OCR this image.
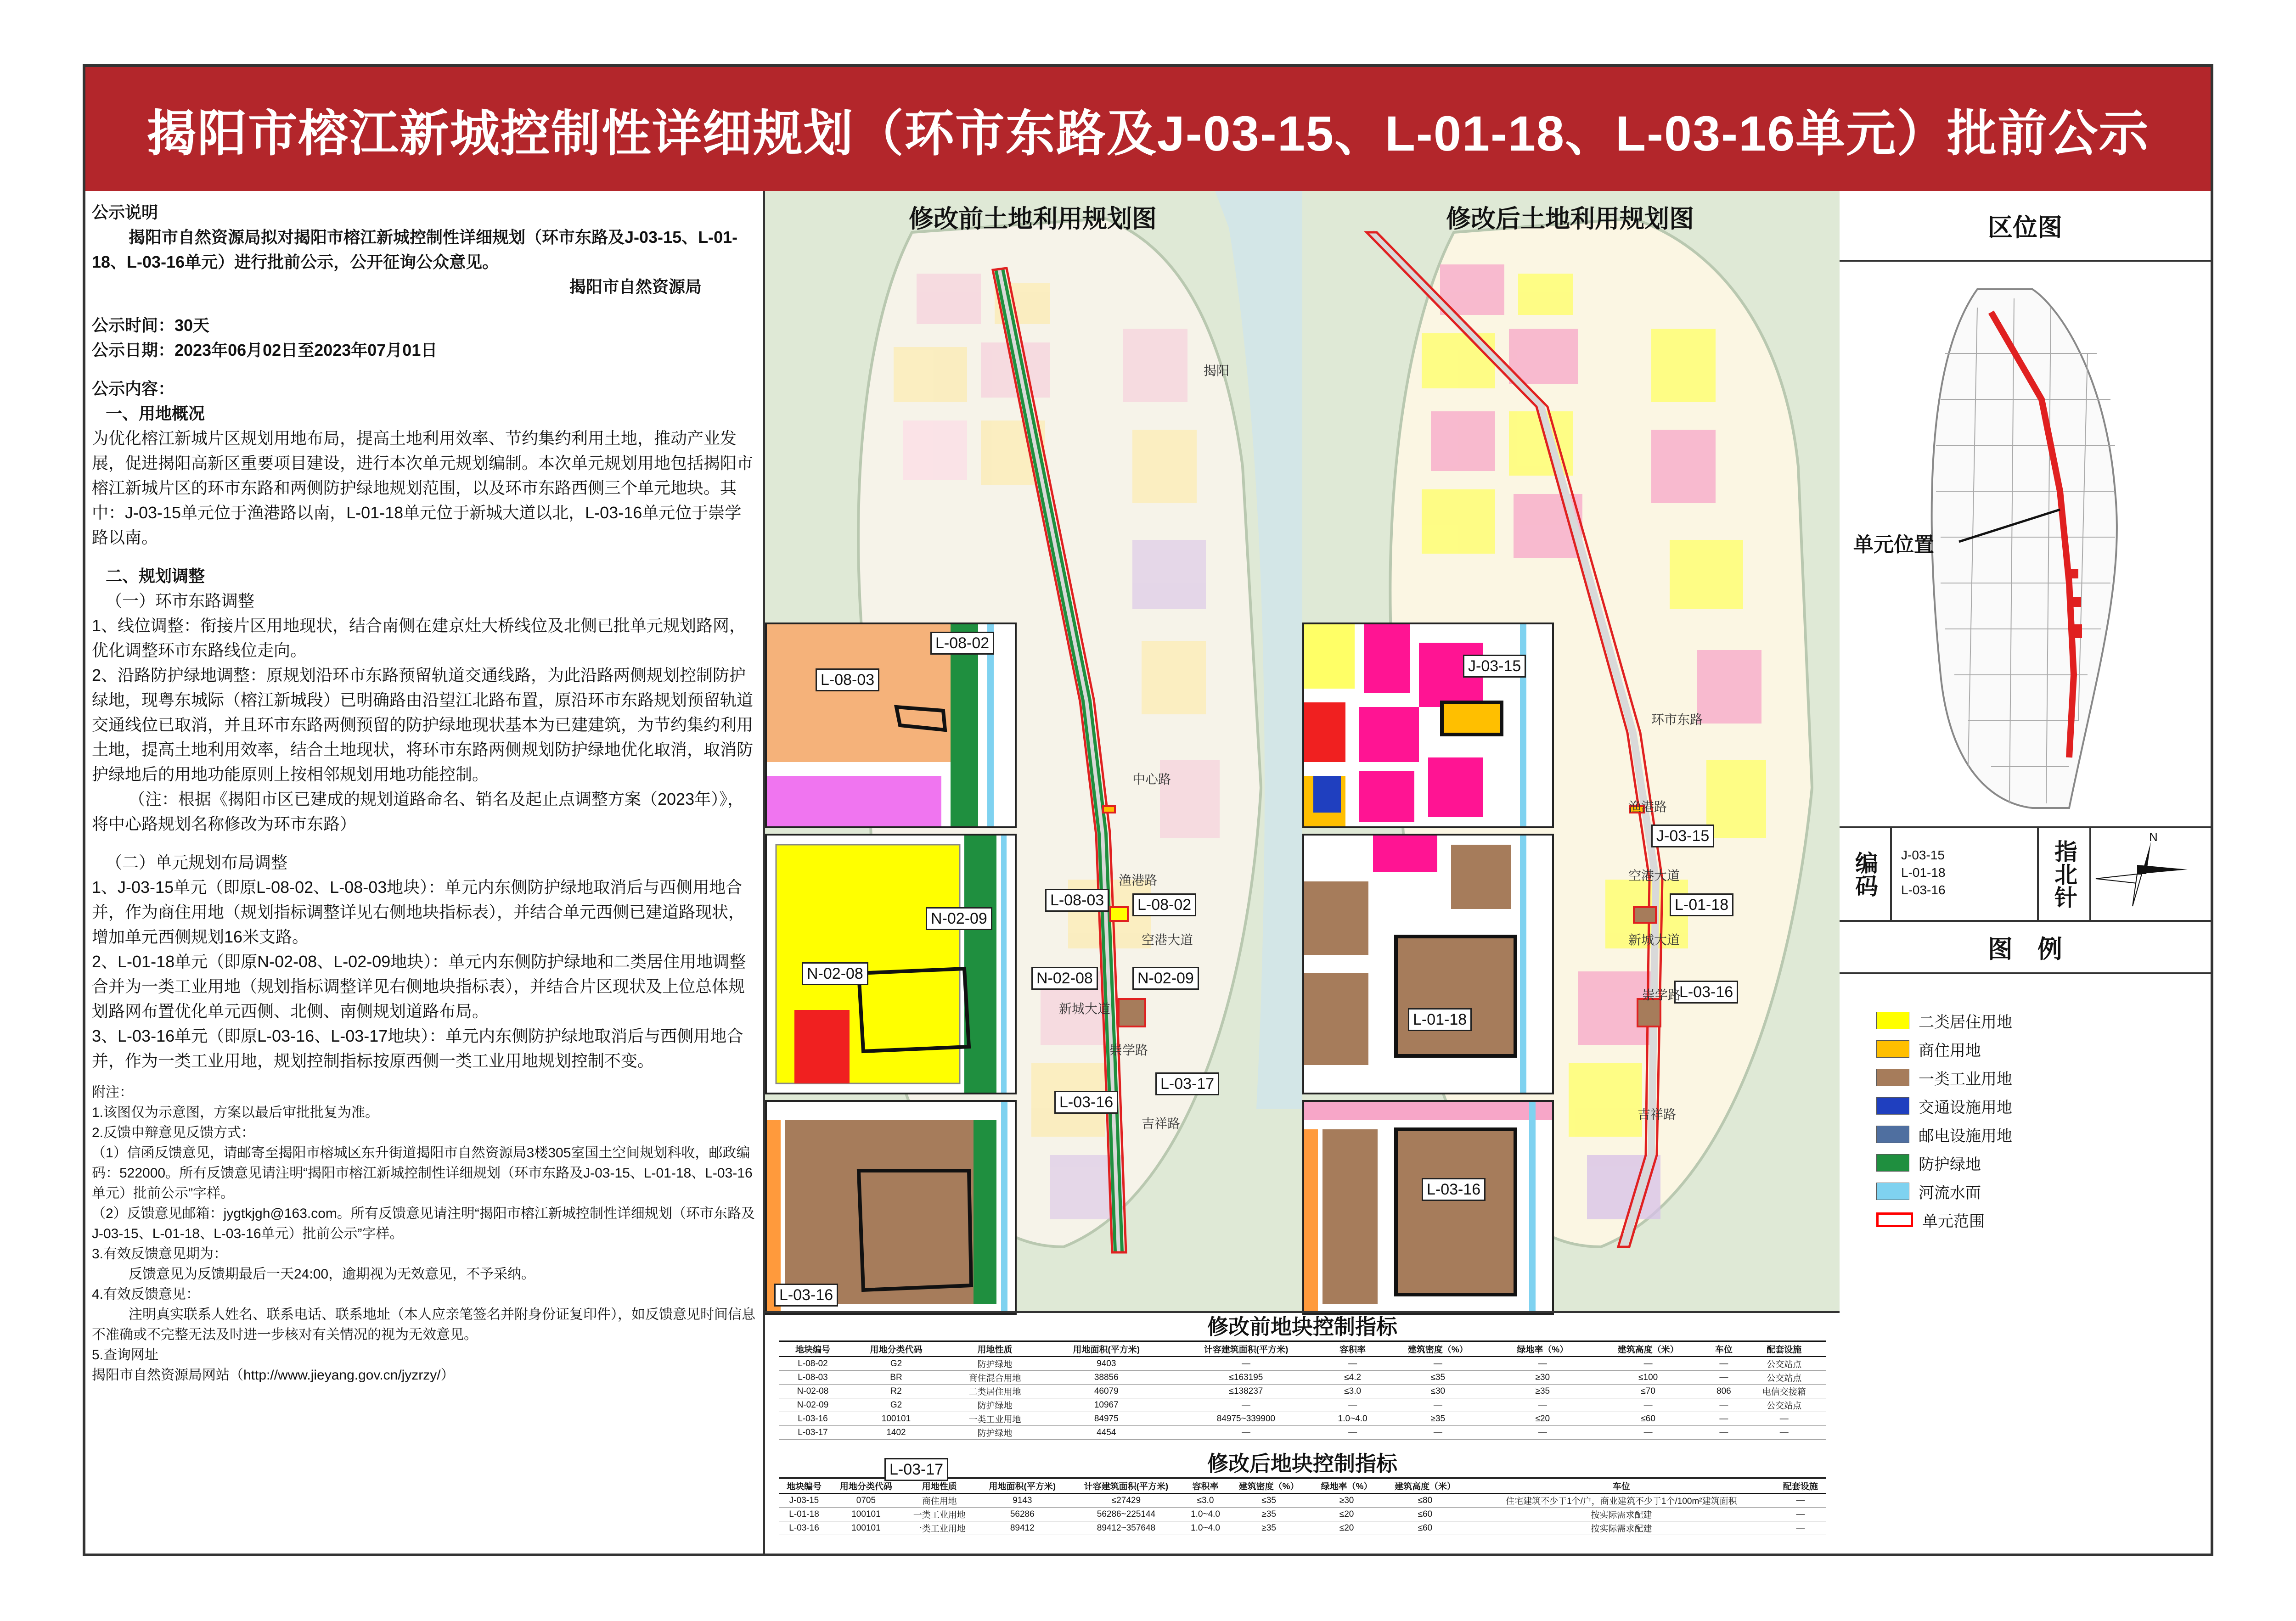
揭阳市榕江新城控制性详细规划（环市东路及J-03-15、L-01-18、L-03-16单元）批前公示

公示说明

揭阳市自然资源局拟对揭阳市榕江新城控制性详细规划（环市东路及J-03-15、L-01-18、L-03-16单元）进行批前公示，公开征询公众意见。

揭阳市自然资源局

公示时间：30天

公示日期：2023年06月02日至2023年07月01日

公示内容：

一、用地概况

为优化榕江新城片区规划用地布局，提高土地利用效率、节约集约利用土地，推动产业发展，促进揭阳高新区重要项目建设，进行本次单元规划编制。本次单元规划用地包括揭阳市榕江新城片区的环市东路和两侧防护绿地规划范围，以及环市东路西侧三个单元地块。其中：J-03-15单元位于渔港路以南，L-01-18单元位于新城大道以北，L-03-16单元位于崇学路以南。

二、规划调整

（一）环市东路调整

1、线位调整：衔接片区用地现状，结合南侧在建京灶大桥线位及北侧已批单元规划路网，优化调整环市东路线位走向。

2、沿路防护绿地调整：原规划沿环市东路预留轨道交通线路，为此沿路两侧规划控制防护绿地，现粤东城际（榕江新城段）已明确路由沿望江北路布置，原沿环市东路规划预留轨道交通线位已取消，并且环市东路两侧预留的防护绿地现状基本为已建建筑，为节约集约利用土地，提高土地利用效率，结合土地现状，将环市东路两侧规划防护绿地优化取消，取消防护绿地后的用地功能原则上按相邻规划用地功能控制。

（注：根据《揭阳市区已建成的规划道路命名、销名及起止点调整方案（2023年）》，将中心路规划名称修改为环市东路）

（二）单元规划布局调整

1、J-03-15单元（即原L-08-02、L-08-03地块）：单元内东侧防护绿地取消后与西侧用地合并，作为商住用地（规划指标调整详见右侧地块指标表），并结合单元西侧已建道路现状，增加单元西侧规划16米支路。

2、L-01-18单元（即原N-02-08、L-02-09地块）：单元内东侧防护绿地和二类居住用地调整合并为一类工业用地（规划指标调整详见右侧地块指标表），并结合片区现状及上位总体规划路网布置优化单元西侧、北侧、南侧规划道路布局。

3、L-03-16单元（即原L-03-16、L-03-17地块）：单元内东侧防护绿地取消后与西侧用地合并，作为一类工业用地，规划控制指标按原西侧一类工业用地规划控制不变。

附注：

1.该图仅为示意图，方案以最后审批批复为准。

2.反馈申辩意见反馈方式：

（1）信函反馈意见，请邮寄至揭阳市榕城区东升街道揭阳市自然资源局3楼305室国土空间规划科收，邮政编码：522000。所有反馈意见请注明“揭阳市榕江新城控制性详细规划（环市东路及J-03-15、L-01-18、L-03-16单元）批前公示”字样。

（2）反馈意见邮箱：jygtkjgh@163.com。所有反馈意见请注明“揭阳市榕江新城控制性详细规划（环市东路及J-03-15、L-01-18、L-03-16单元）批前公示”字样。

3.有效反馈意见期为：

反馈意见为反馈期最后一天24:00，逾期视为无效意见，不予采纳。

4.有效反馈意见：

注明真实联系人姓名、联系电话、联系地址（本人应亲笔签名并附身份证复印件），如反馈意见时间信息不准确或不完整无法及时进一步核对有关情况的视为无效意见。

5.查询网址

揭阳市自然资源局网站（http://www.jieyang.gov.cn/jyzrzy/）

修改前土地利用规划图
L-08-02
L-08-03
N-02-08
N-02-09
L-03-16
L-03-17
L-08-03	L-08-02
N-02-08	N-02-09
L-03-16
L-03-17
揭阳
中心路
渔港路
空港大道
新城大道
崇学路
吉祥路
修改后土地利用规划图
J-03-15
L-01-18
L-03-16
J-03-15
L-01-18
L-03-16
环市东路
渔港路
空港大道
新城大道
崇学路
吉祥路
修改前地块控制指标
地块编号	用地分类代码	用地性质	用地面积(平方米)	计容建筑面积(平方米)	容积率	建筑密度（%）	绿地率（%）	建筑高度（米）	车位	配套设施
L-08-02	G2	防护绿地	9403	—	—	—	—	—	—	公交站点
L-08-03	BR	商住混合用地	38856	≤163195	≤4.2	≤35	≥30	≤100	—	公交站点
N-02-08	R2	二类居住用地	46079	≤138237	≤3.0	≤30	≥35	≤70	806	电信交接箱
N-02-09	G2	防护绿地	10967	—	—	—	—	—	—	公交站点
L-03-16	100101	一类工业用地	84975	84975~339900	1.0~4.0	≥35	≤20	≤60	—	—
L-03-17	1402	防护绿地	4454	—	—	—	—	—	—	—
修改后地块控制指标
地块编号	用地分类代码	用地性质	用地面积(平方米)	计容建筑面积(平方米)	容积率	建筑密度（%）	绿地率（%）	建筑高度（米）	车位	配套设施
J-03-15	0705	商住用地	9143	≤27429	≤3.0	≤35	≥30	≤80	住宅建筑不少于1个/户，商业建筑不少于1个/100m²建筑面积	—
L-01-18	100101	一类工业用地	56286	56286~225144	1.0~4.0	≥35	≤20	≤60	按实际需求配建	—
L-03-16	100101	一类工业用地	89412	89412~357648	1.0~4.0	≥35	≤20	≤60	按实际需求配建	—
区位图
单元位置
编码	J-03-15
L-01-18
L-03-16	指北针
N
图　例
二类居住用地
商住用地
一类工业用地
交通设施用地
邮电设施用地
防护绿地
河流水面
单元范围
